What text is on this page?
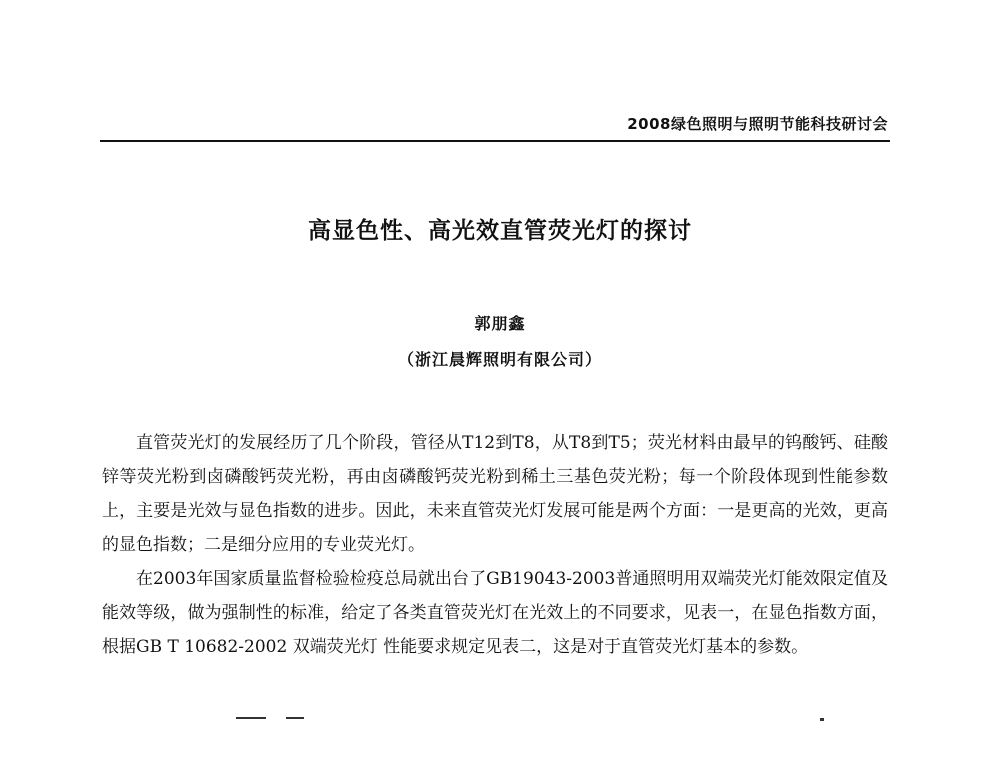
2008绿色照明与照明节能科技研讨会
高显色性、高光效直管荧光灯的探讨
郭朋鑫
（浙江晨辉照明有限公司）

直管荧光灯的发展经历了几个阶段，管径从T12到T8，从T8到T5；荧光材料由最早的钨酸钙、硅酸锌等荧光粉到卤磷酸钙荧光粉，再由卤磷酸钙荧光粉到稀土三基色荧光粉；每一个阶段体现到性能参数上，主要是光效与显色指数的进步。因此，未来直管荧光灯发展可能是两个方面：一是更高的光效，更高的显色指数；二是细分应用的专业荧光灯。

在2003年国家质量监督检验检疫总局就出台了GB19043-2003普通照明用双端荧光灯能效限定值及能效等级，做为强制性的标准，给定了各类直管荧光灯在光效上的不同要求，见表一，在显色指数方面，根据GB T 10682-2002 双端荧光灯 性能要求规定见表二，这是对于直管荧光灯基本的参数。
